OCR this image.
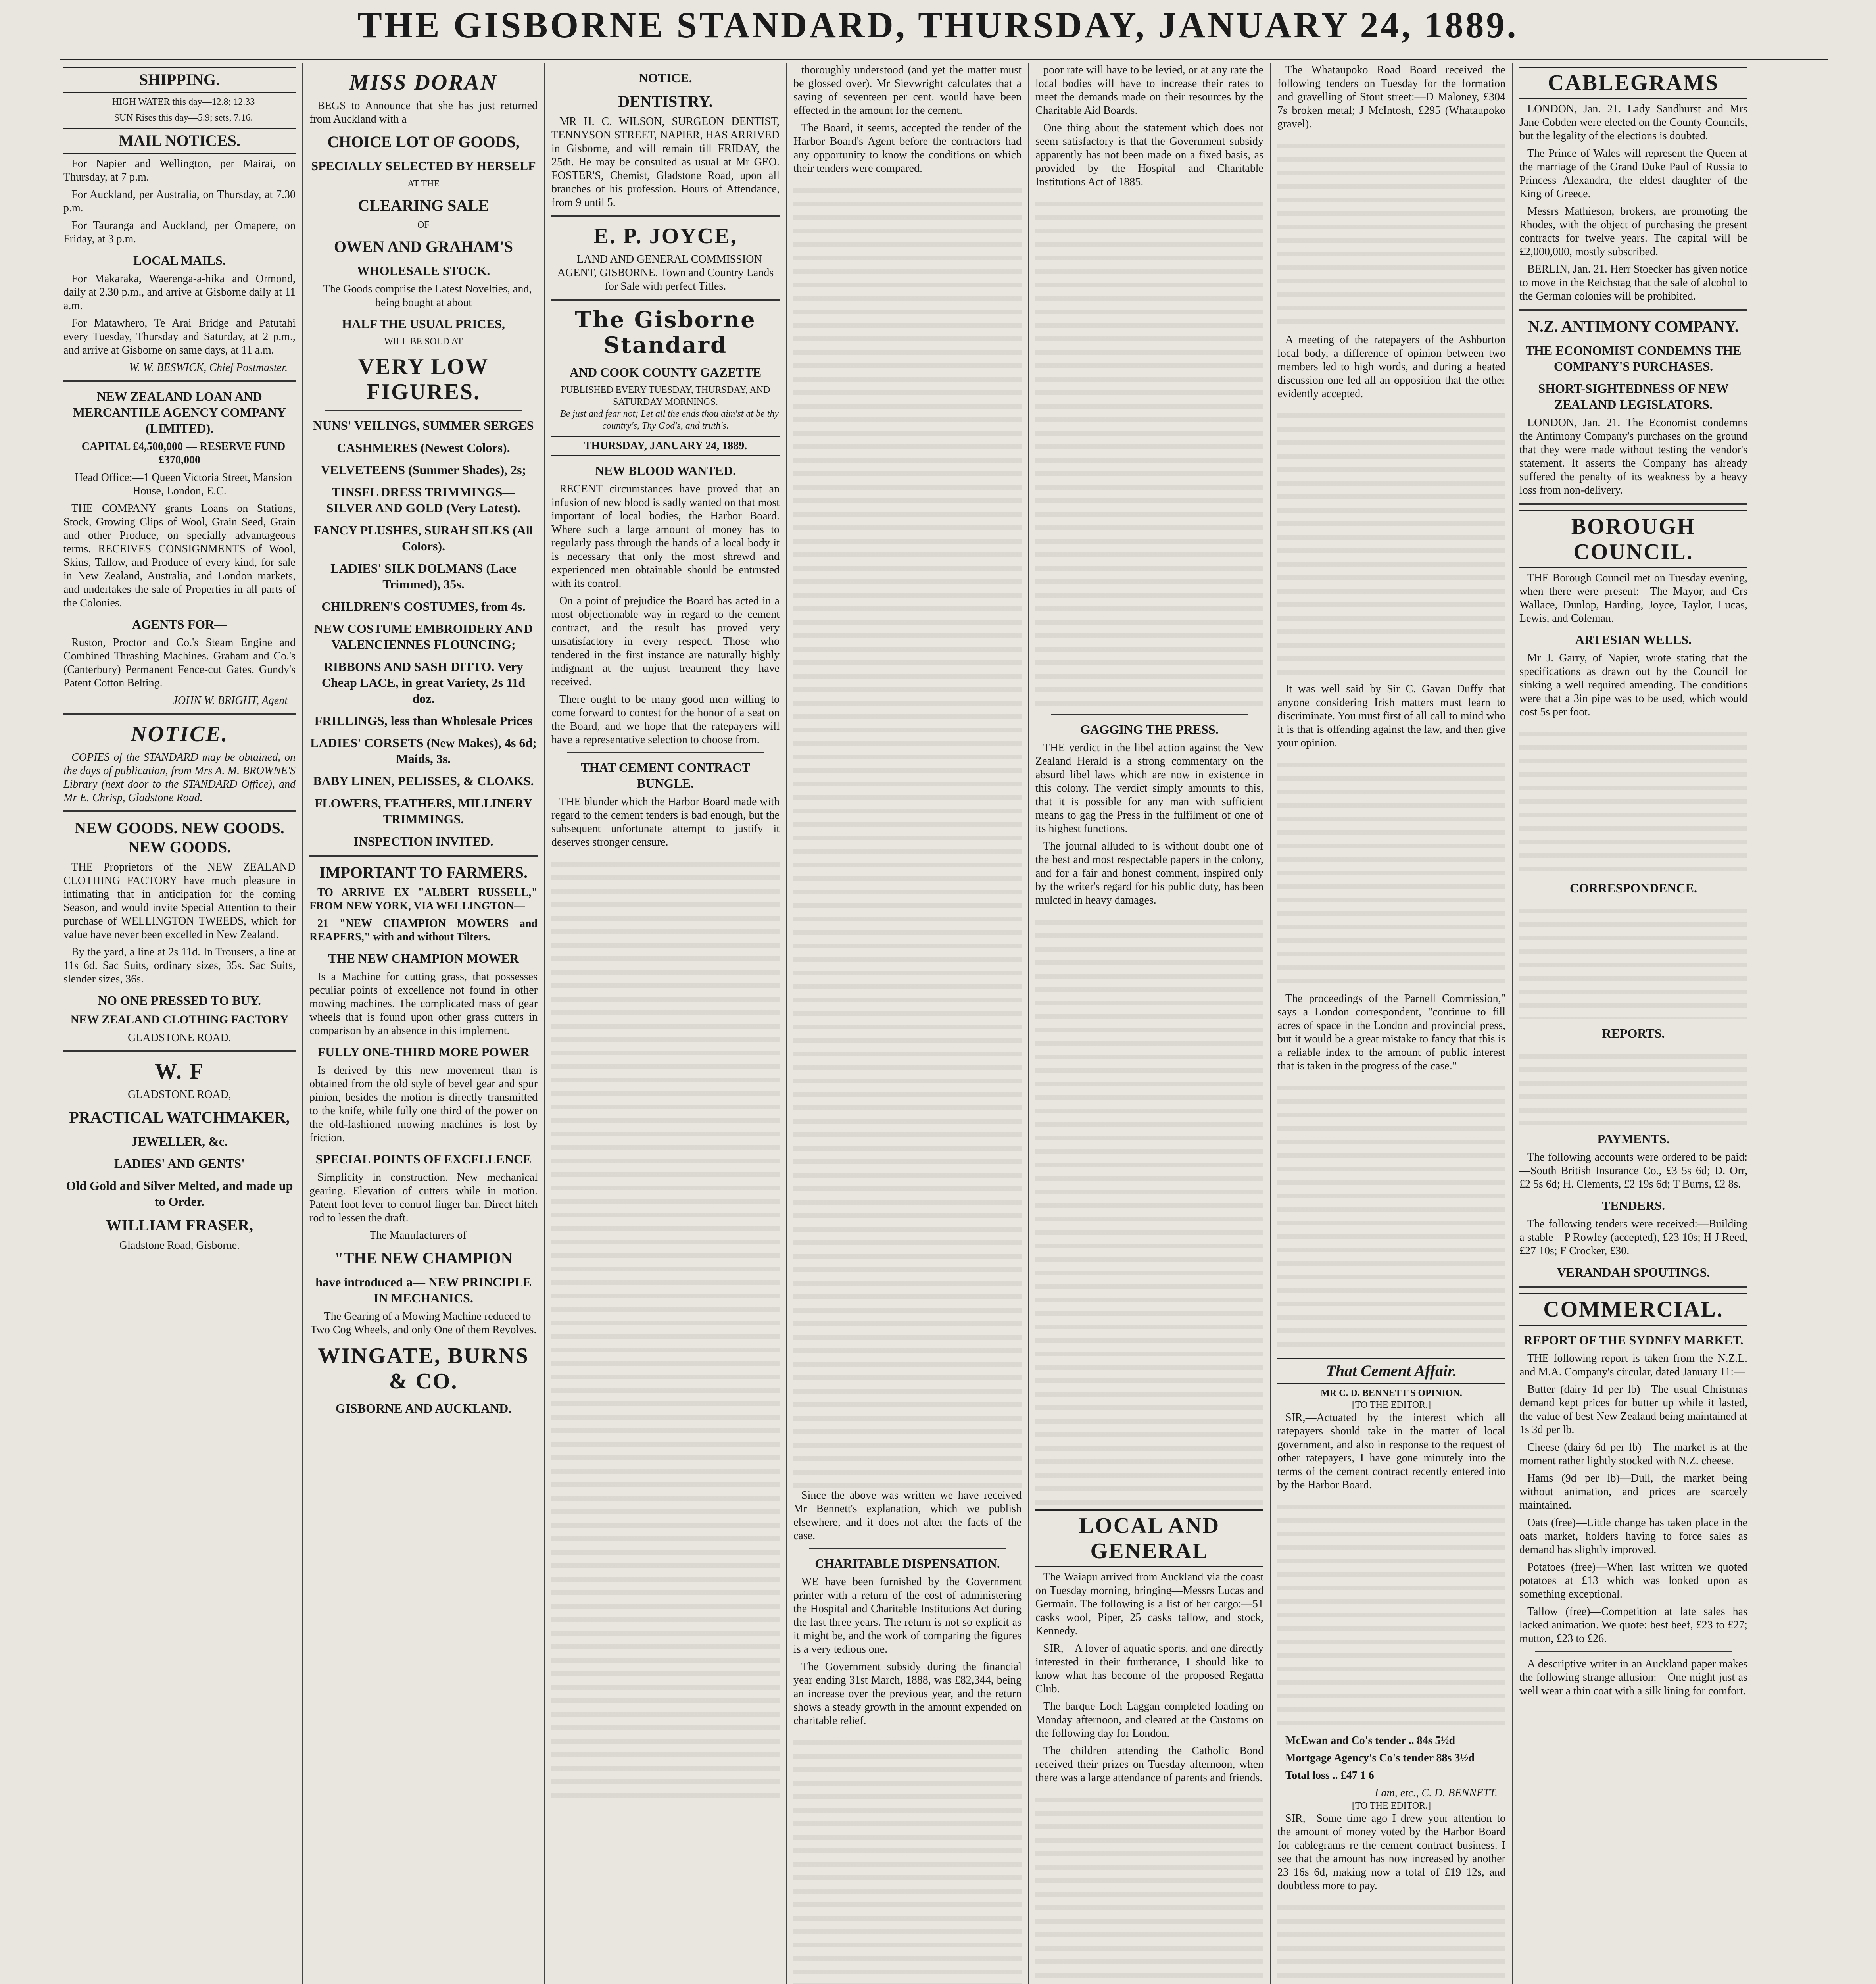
THE GISBORNE STANDARD, THURSDAY, JANUARY 24, 1889.
SHIPPING.

HIGH WATER this day—12.8; 12.33

SUN Rises this day—5.9; sets, 7.16.

MAIL NOTICES.

For Napier and Wellington, per Mairai, on Thursday, at 7 p.m.

For Auckland, per Australia, on Thursday, at 7.30 p.m.

For Tauranga and Auckland, per Omapere, on Friday, at 3 p.m.

LOCAL MAILS.

For Makaraka, Waerenga-a-hika and Ormond, daily at 2.30 p.m., and arrive at Gisborne daily at 11 a.m.

For Matawhero, Te Arai Bridge and Patutahi every Tuesday, Thursday and Saturday, at 2 p.m., and arrive at Gisborne on same days, at 11 a.m.

W. W. BESWICK, Chief Postmaster.
NEW ZEALAND LOAN AND MERCANTILE AGENCY COMPANY (LIMITED).

CAPITAL £4,500,000 — RESERVE FUND £370,000

Head Office:—1 Queen Victoria Street, Mansion House, London, E.C.

THE COMPANY grants Loans on Stations, Stock, Growing Clips of Wool, Grain Seed, Grain and other Produce, on specially advantageous terms. RECEIVES CONSIGNMENTS of Wool, Skins, Tallow, and Produce of every kind, for sale in New Zealand, Australia, and London markets, and undertakes the sale of Properties in all parts of the Colonies.

AGENTS FOR—

Ruston, Proctor and Co.'s Steam Engine and Combined Thrashing Machines. Graham and Co.'s (Canterbury) Permanent Fence-cut Gates. Gundy's Patent Cotton Belting.

JOHN W. BRIGHT, Agent
NOTICE.

COPIES of the STANDARD may be obtained, on the days of publication, from Mrs A. M. BROWNE'S Library (next door to the STANDARD Office), and Mr E. Chrisp, Gladstone Road.

NEW GOODS. NEW GOODS. NEW GOODS.

THE Proprietors of the NEW ZEALAND CLOTHING FACTORY have much pleasure in intimating that in anticipation for the coming Season, and would invite Special Attention to their purchase of WELLINGTON TWEEDS, which for value have never been excelled in New Zealand.

By the yard, a line at 2s 11d. In Trousers, a line at 11s 6d. Sac Suits, ordinary sizes, 35s. Sac Suits, slender sizes, 36s.

NO ONE PRESSED TO BUY.
NEW ZEALAND CLOTHING FACTORY
GLADSTONE ROAD.
W. F
GLADSTONE ROAD,
PRACTICAL WATCHMAKER,
JEWELLER, &c.
LADIES' AND GENTS'
Old Gold and Silver Melted, and made up to Order.
WILLIAM FRASER,
Gladstone Road, Gisborne.
MISS DORAN

BEGS to Announce that she has just returned from Auckland with a

CHOICE LOT OF GOODS,
SPECIALLY SELECTED BY HERSELF
AT THE
CLEARING SALE
OF
OWEN AND GRAHAM'S
WHOLESALE STOCK.

The Goods comprise the Latest Novelties, and, being bought at about

HALF THE USUAL PRICES,
WILL BE SOLD AT
VERY LOW FIGURES.
NUNS' VEILINGS, SUMMER SERGES
CASHMERES (Newest Colors).
VELVETEENS (Summer Shades), 2s;
TINSEL DRESS TRIMMINGS—SILVER AND GOLD (Very Latest).
FANCY PLUSHES, SURAH SILKS (All Colors).
LADIES' SILK DOLMANS (Lace Trimmed), 35s.
CHILDREN'S COSTUMES, from 4s.
NEW COSTUME EMBROIDERY AND VALENCIENNES FLOUNCING;
RIBBONS AND SASH DITTO. Very Cheap LACE, in great Variety, 2s 11d doz.
FRILLINGS, less than Wholesale Prices
LADIES' CORSETS (New Makes), 4s 6d; Maids, 3s.
BABY LINEN, PELISSES, & CLOAKS.
FLOWERS, FEATHERS, MILLINERY TRIMMINGS.
INSPECTION INVITED.
IMPORTANT TO FARMERS.

TO ARRIVE EX "ALBERT RUSSELL," FROM NEW YORK, VIA WELLINGTON—

21 "NEW CHAMPION MOWERS and REAPERS," with and without Tilters.

THE NEW CHAMPION MOWER

Is a Machine for cutting grass, that possesses peculiar points of excellence not found in other mowing machines. The complicated mass of gear wheels that is found upon other grass cutters in comparison by an absence in this implement.

FULLY ONE-THIRD MORE POWER

Is derived by this new movement than is obtained from the old style of bevel gear and spur pinion, besides the motion is directly transmitted to the knife, while fully one third of the power on the old-fashioned mowing machines is lost by friction.

SPECIAL POINTS OF EXCELLENCE

Simplicity in construction. New mechanical gearing. Elevation of cutters while in motion. Patent foot lever to control finger bar. Direct hitch rod to lessen the draft.

The Manufacturers of—
"THE NEW CHAMPION
have introduced a— NEW PRINCIPLE IN MECHANICS.

The Gearing of a Mowing Machine reduced to Two Cog Wheels, and only One of them Revolves.

WINGATE, BURNS & CO.
GISBORNE AND AUCKLAND.
NOTICE.
DENTISTRY.

MR H. C. WILSON, SURGEON DENTIST, TENNYSON STREET, NAPIER, HAS ARRIVED in Gisborne, and will remain till FRIDAY, the 25th. He may be consulted as usual at Mr GEO. FOSTER'S, Chemist, Gladstone Road, upon all branches of his profession. Hours of Attendance, from 9 until 5.

E. P. JOYCE,

LAND AND GENERAL COMMISSION AGENT, GISBORNE. Town and Country Lands for Sale with perfect Titles.

The Gisborne Standard
AND COOK COUNTY GAZETTE
PUBLISHED EVERY TUESDAY, THURSDAY, AND SATURDAY MORNINGS.

Be just and fear not; Let all the ends thou aim'st at be thy country's, Thy God's, and truth's.

THURSDAY, JANUARY 24, 1889.
NEW BLOOD WANTED.

RECENT circumstances have proved that an infusion of new blood is sadly wanted on that most important of local bodies, the Harbor Board. Where such a large amount of money has to regularly pass through the hands of a local body it is necessary that only the most shrewd and experienced men obtainable should be entrusted with its control.

On a point of prejudice the Board has acted in a most objectionable way in regard to the cement contract, and the result has proved very unsatisfactory in every respect. Those who tendered in the first instance are naturally highly indignant at the unjust treatment they have received.

There ought to be many good men willing to come forward to contest for the honor of a seat on the Board, and we hope that the ratepayers will have a representative selection to choose from.

THAT CEMENT CONTRACT BUNGLE.

THE blunder which the Harbor Board made with regard to the cement tenders is bad enough, but the subsequent unfortunate attempt to justify it deserves stronger censure.

thoroughly understood (and yet the matter must be glossed over). Mr Sievwright calculates that a saving of seventeen per cent. would have been effected in the amount for the cement.

The Board, it seems, accepted the tender of the Harbor Board's Agent before the contractors had any opportunity to know the conditions on which their tenders were compared.

Since the above was written we have received Mr Bennett's explanation, which we publish elsewhere, and it does not alter the facts of the case.

CHARITABLE DISPENSATION.

WE have been furnished by the Government printer with a return of the cost of administering the Hospital and Charitable Institutions Act during the last three years. The return is not so explicit as it might be, and the work of comparing the figures is a very tedious one.

The Government subsidy during the financial year ending 31st March, 1888, was £82,344, being an increase over the previous year, and the return shows a steady growth in the amount expended on charitable relief.

poor rate will have to be levied, or at any rate the local bodies will have to increase their rates to meet the demands made on their resources by the Charitable Aid Boards.

One thing about the statement which does not seem satisfactory is that the Government subsidy apparently has not been made on a fixed basis, as provided by the Hospital and Charitable Institutions Act of 1885.

GAGGING THE PRESS.

THE verdict in the libel action against the New Zealand Herald is a strong commentary on the absurd libel laws which are now in existence in this colony. The verdict simply amounts to this, that it is possible for any man with sufficient means to gag the Press in the fulfilment of one of its highest functions.

The journal alluded to is without doubt one of the best and most respectable papers in the colony, and for a fair and honest comment, inspired only by the writer's regard for his public duty, has been mulcted in heavy damages.

LOCAL AND GENERAL

The Waiapu arrived from Auckland via the coast on Tuesday morning, bringing—Messrs Lucas and Germain. The following is a list of her cargo:—51 casks wool, Piper, 25 casks tallow, and stock, Kennedy.

SIR,—A lover of aquatic sports, and one directly interested in their furtherance, I should like to know what has become of the proposed Regatta Club.

The barque Loch Laggan completed loading on Monday afternoon, and cleared at the Customs on the following day for London.

The children attending the Catholic Bond received their prizes on Tuesday afternoon, when there was a large attendance of parents and friends.

The Whataupoko Road Board received the following tenders on Tuesday for the formation and gravelling of Stout street:—D Maloney, £304 7s broken metal; J McIntosh, £295 (Whataupoko gravel).

A meeting of the ratepayers of the Ashburton local body, a difference of opinion between two members led to high words, and during a heated discussion one led all an opposition that the other evidently accepted.

It was well said by Sir C. Gavan Duffy that anyone considering Irish matters must learn to discriminate. You must first of all call to mind who it is that is offending against the law, and then give your opinion.

The proceedings of the Parnell Commission," says a London correspondent, "continue to fill acres of space in the London and provincial press, but it would be a great mistake to fancy that this is a reliable index to the amount of public interest that is taken in the progress of the case."

That Cement Affair.
MR C. D. BENNETT'S OPINION.
[TO THE EDITOR.]

SIR,—Actuated by the interest which all ratepayers should take in the matter of local government, and also in response to the request of other ratepayers, I have gone minutely into the terms of the cement contract recently entered into by the Harbor Board.

McEwan and Co's tender .. 84s 5½d

Mortgage Agency's Co's tender 88s 3½d

Total loss .. £47 1 6

I am, etc., C. D. BENNETT.
[TO THE EDITOR.]

SIR,—Some time ago I drew your attention to the amount of money voted by the Harbor Board for cablegrams re the cement contract business. I see that the amount has now increased by another 23 16s 6d, making now a total of £19 12s, and doubtless more to pay.

CABLEGRAMS

LONDON, Jan. 21. Lady Sandhurst and Mrs Jane Cobden were elected on the County Councils, but the legality of the elections is doubted.

The Prince of Wales will represent the Queen at the marriage of the Grand Duke Paul of Russia to Princess Alexandra, the eldest daughter of the King of Greece.

Messrs Mathieson, brokers, are promoting the Rhodes, with the object of purchasing the present contracts for twelve years. The capital will be £2,000,000, mostly subscribed.

BERLIN, Jan. 21. Herr Stoecker has given notice to move in the Reichstag that the sale of alcohol to the German colonies will be prohibited.

N.Z. ANTIMONY COMPANY.
THE ECONOMIST CONDEMNS THE COMPANY'S PURCHASES.
SHORT-SIGHTEDNESS OF NEW ZEALAND LEGISLATORS.

LONDON, Jan. 21. The Economist condemns the Antimony Company's purchases on the ground that they were made without testing the vendor's statement. It asserts the Company has already suffered the penalty of its weakness by a heavy loss from non-delivery.

BOROUGH COUNCIL.

THE Borough Council met on Tuesday evening, when there were present:—The Mayor, and Crs Wallace, Dunlop, Harding, Joyce, Taylor, Lucas, Lewis, and Coleman.

ARTESIAN WELLS.

Mr J. Garry, of Napier, wrote stating that the specifications as drawn out by the Council for sinking a well required amending. The conditions were that a 3in pipe was to be used, which would cost 5s per foot.

CORRESPONDENCE.
REPORTS.
PAYMENTS.

The following accounts were ordered to be paid:—South British Insurance Co., £3 5s 6d; D. Orr, £2 5s 6d; H. Clements, £2 19s 6d; T Burns, £2 8s.

TENDERS.

The following tenders were received:—Building a stable—P Rowley (accepted), £23 10s; H J Reed, £27 10s; F Crocker, £30.

VERANDAH SPOUTINGS.
COMMERCIAL.
REPORT OF THE SYDNEY MARKET.

THE following report is taken from the N.Z.L. and M.A. Company's circular, dated January 11:—

Butter (dairy 1d per lb)—The usual Christmas demand kept prices for butter up while it lasted, the value of best New Zealand being maintained at 1s 3d per lb.

Cheese (dairy 6d per lb)—The market is at the moment rather lightly stocked with N.Z. cheese.

Hams (9d per lb)—Dull, the market being without animation, and prices are scarcely maintained.

Oats (free)—Little change has taken place in the oats market, holders having to force sales as demand has slightly improved.

Potatoes (free)—When last written we quoted potatoes at £13 which was looked upon as something exceptional.

Tallow (free)—Competition at late sales has lacked animation. We quote: best beef, £23 to £27; mutton, £23 to £26.

A descriptive writer in an Auckland paper makes the following strange allusion:—One might just as well wear a thin coat with a silk lining for comfort.
